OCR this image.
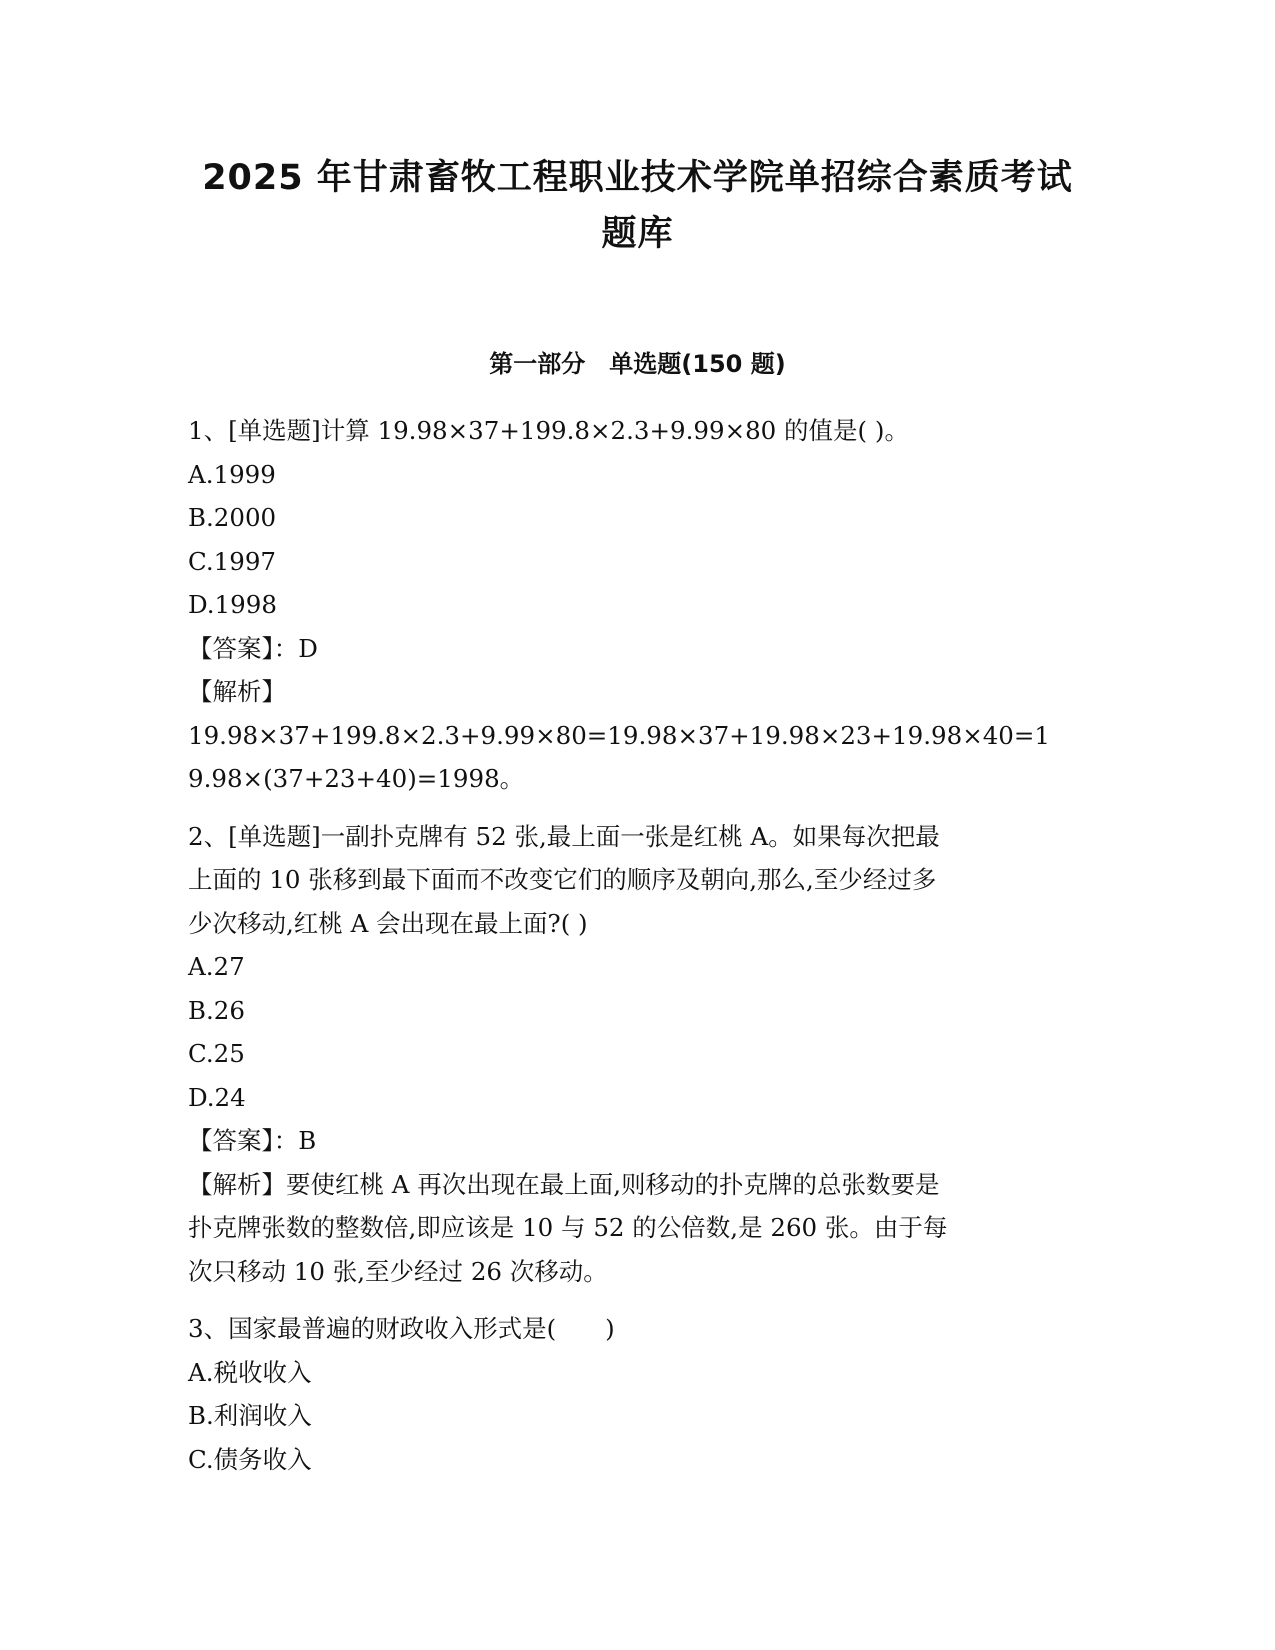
2025 年甘肃畜牧工程职业技术学院单招综合素质考试
题库
第一部分　单选题(150 题)
1、[单选题]计算 19.98×37+199.8×2.3+9.99×80 的值是( )。
A.1999
B.2000
C.1997
D.1998
【答案】：D
【解析】
19.98×37+199.8×2.3+9.99×80=19.98×37+19.98×23+19.98×40=1
9.98×(37+23+40)=1998。
2、[单选题]一副扑克牌有 52 张,最上面一张是红桃 A。如果每次把最
上面的 10 张移到最下面而不改变它们的顺序及朝向,那么,至少经过多
少次移动,红桃 A 会出现在最上面?( )
A.27
B.26
C.25
D.24
【答案】：B
【解析】要使红桃 A 再次出现在最上面,则移动的扑克牌的总张数要是
扑克牌张数的整数倍,即应该是 10 与 52 的公倍数,是 260 张。由于每
次只移动 10 张,至少经过 26 次移动。
3、国家最普遍的财政收入形式是(　　)
A.税收收入
B.利润收入
C.债务收入
